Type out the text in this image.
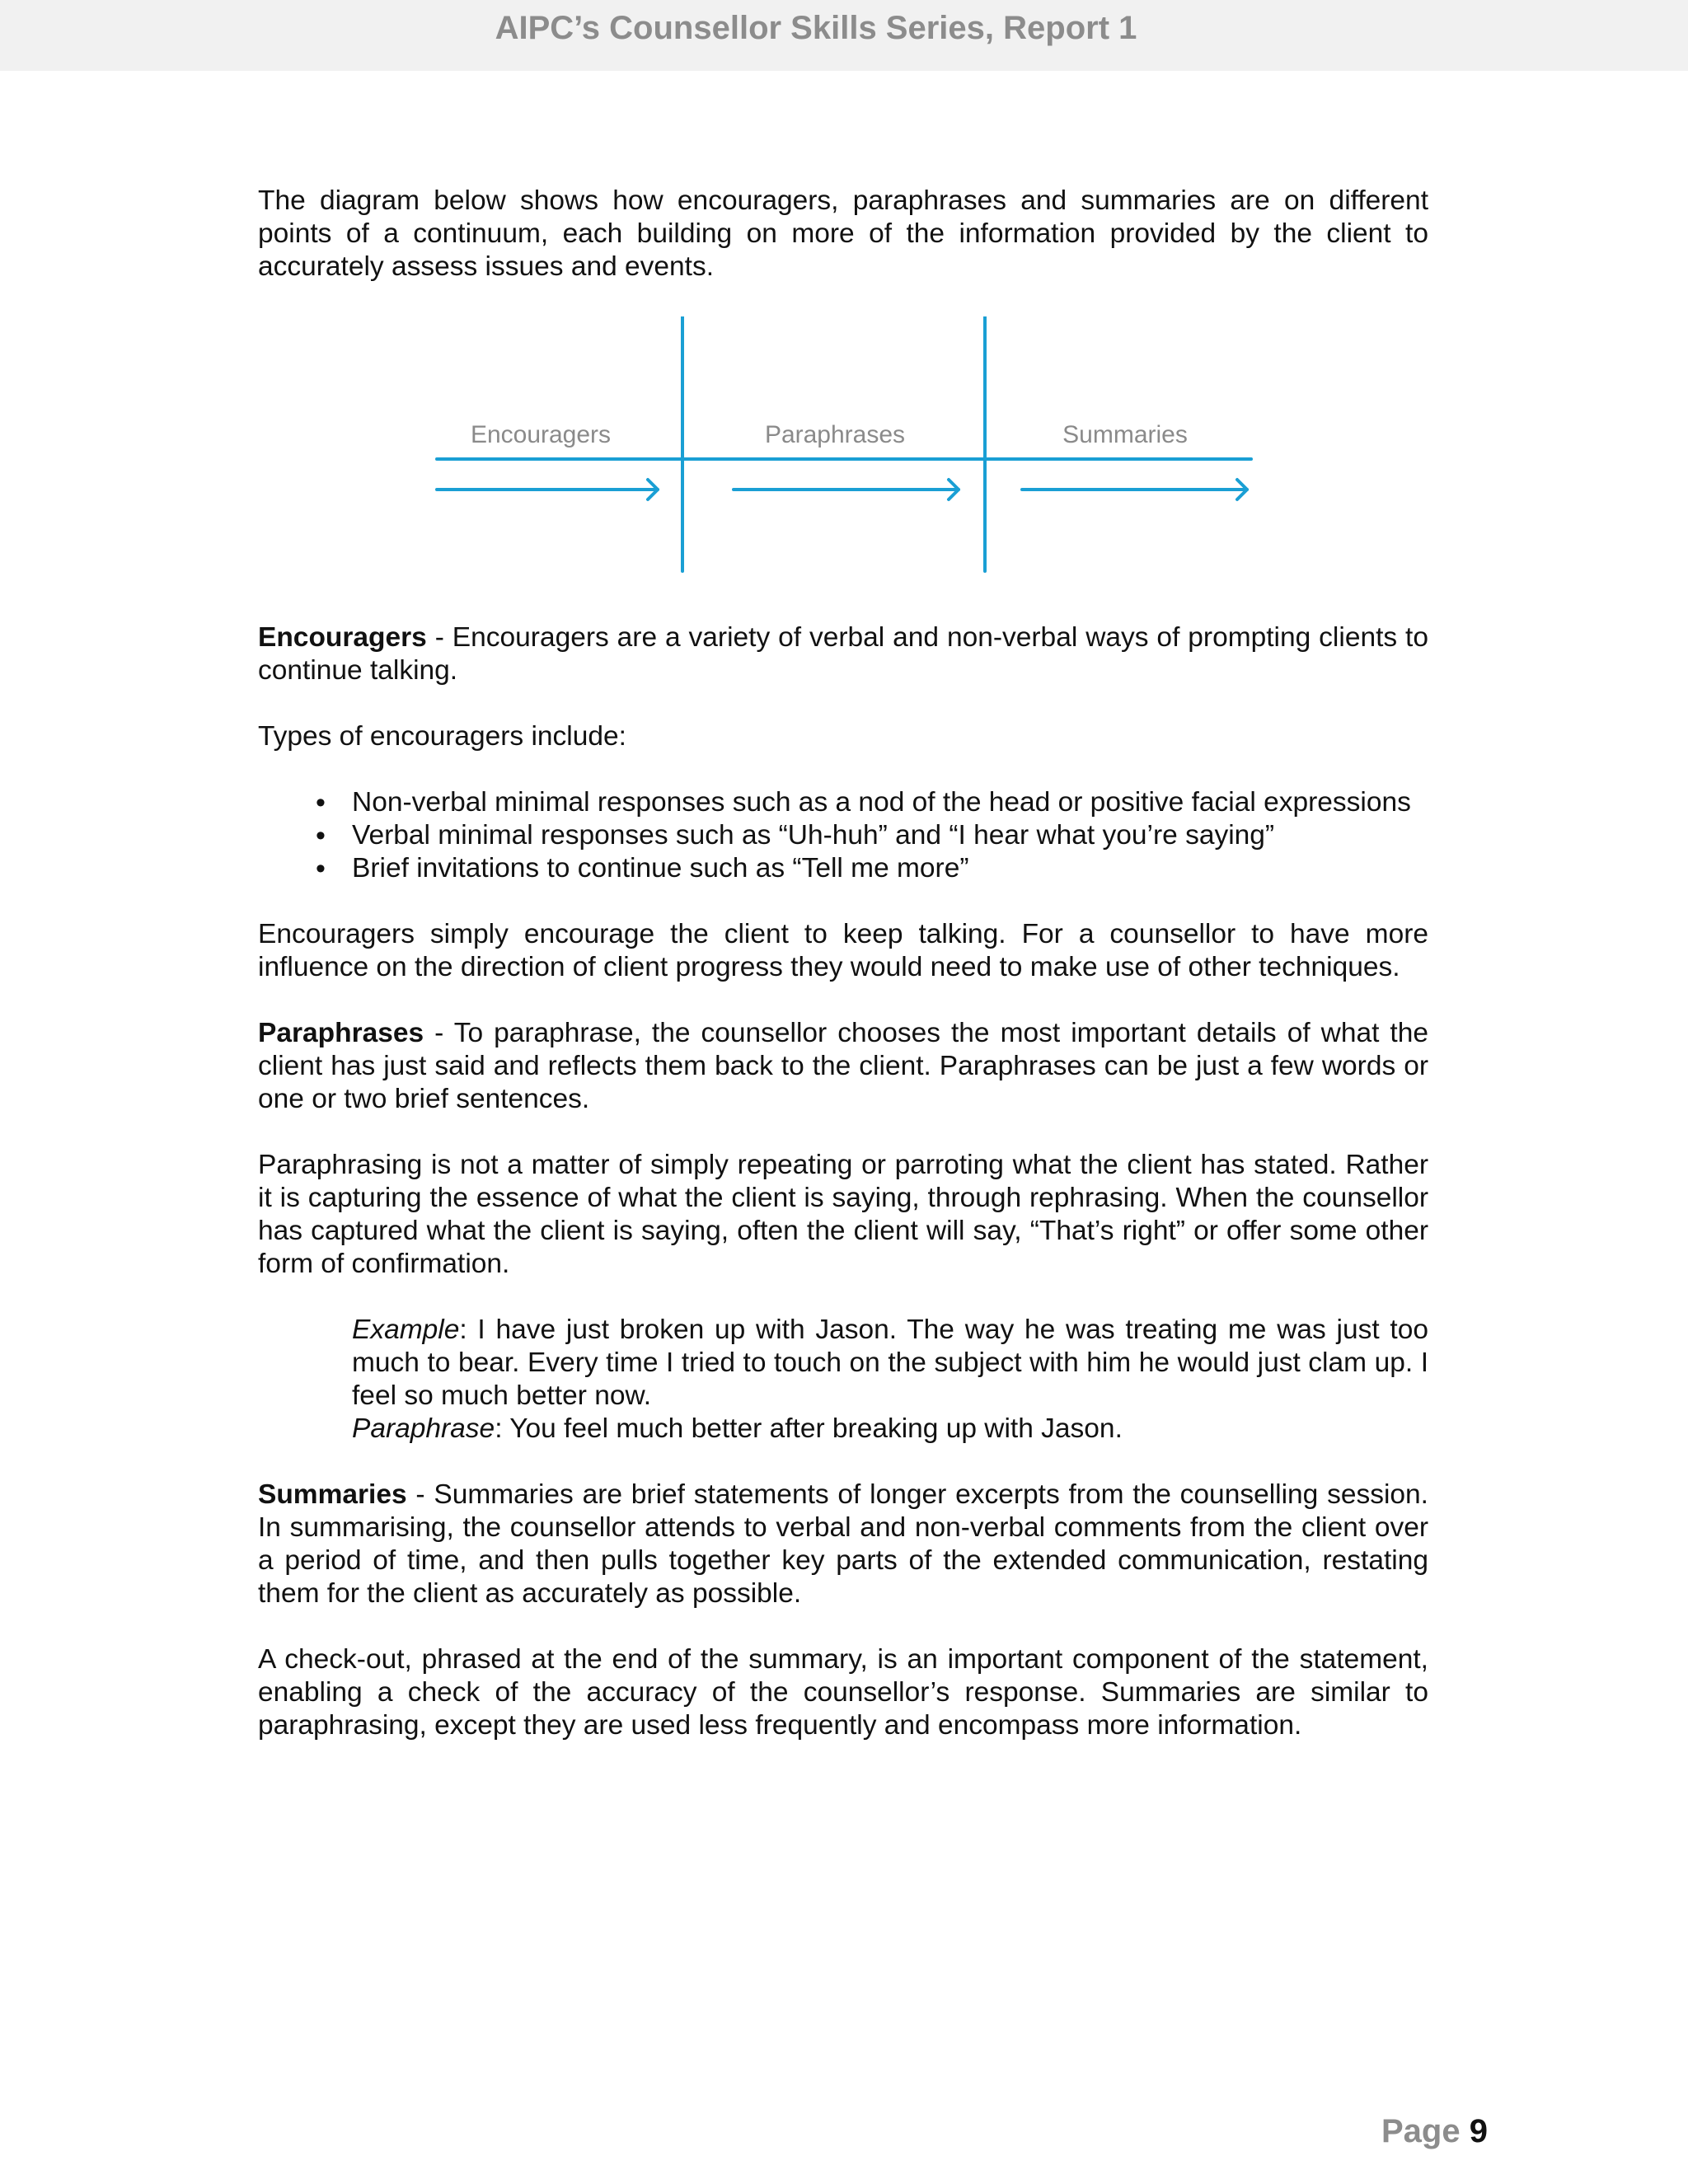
AIPC’s Counsellor Skills Series, Report 1

The diagram below shows how encouragers, paraphrases and summaries are on different points of a continuum, each building on more of the information provided by the client to accurately assess issues and events.

Encouragers	Paraphrases	Summaries

Encouragers - Encouragers are a variety of verbal and non-verbal ways of prompting clients to continue talking.

Types of encouragers include:

• Non-verbal minimal responses such as a nod of the head or positive facial expressions
• Verbal minimal responses such as “Uh-huh” and “I hear what you’re saying”
• Brief invitations to continue such as “Tell me more”

Encouragers simply encourage the client to keep talking. For a counsellor to have more influence on the direction of client progress they would need to make use of other techniques.

Paraphrases - To paraphrase, the counsellor chooses the most important details of what the client has just said and reflects them back to the client. Paraphrases can be just a few words or one or two brief sentences.

Paraphrasing is not a matter of simply repeating or parroting what the client has stated. Rather it is capturing the essence of what the client is saying, through rephrasing. When the counsellor has captured what the client is saying, often the client will say, “That’s right” or offer some other form of confirmation.

Example: I have just broken up with Jason. The way he was treating me was just too much to bear. Every time I tried to touch on the subject with him he would just clam up. I feel so much better now.

Paraphrase: You feel much better after breaking up with Jason.

Summaries - Summaries are brief statements of longer excerpts from the counselling session. In summarising, the counsellor attends to verbal and non-verbal comments from the client over a period of time, and then pulls together key parts of the extended communication, restating them for the client as accurately as possible.

A check-out, phrased at the end of the summary, is an important component of the statement, enabling a check of the accuracy of the counsellor’s response. Summaries are similar to paraphrasing, except they are used less frequently and encompass more information.

Page 9
